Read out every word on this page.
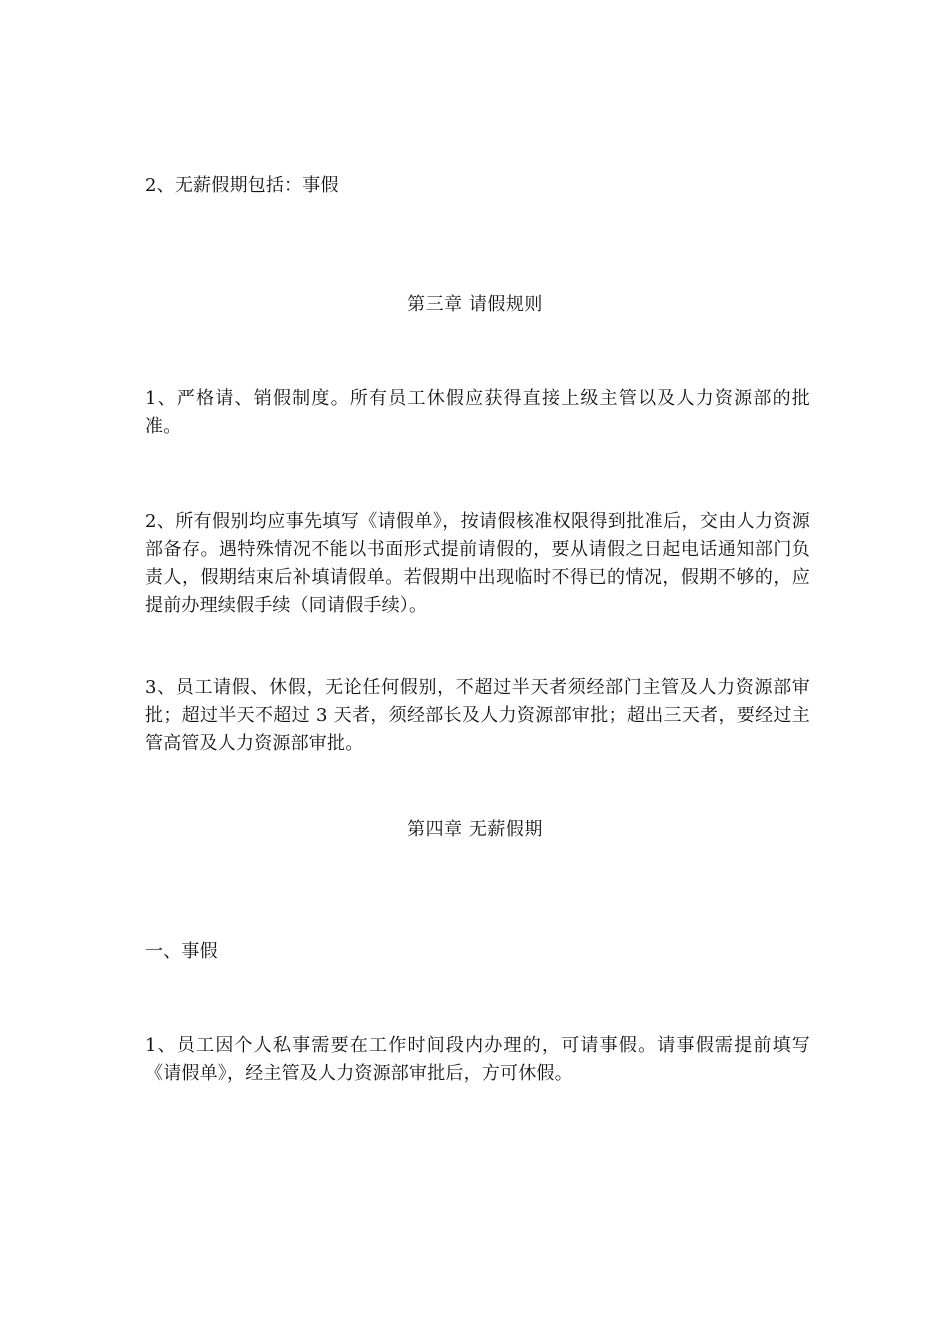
2、无薪假期包括：事假
第三章 请假规则
1、严格请、销假制度。所有员工休假应获得直接上级主管以及人力资源部的批准。
2、所有假别均应事先填写《请假单》，按请假核准权限得到批准后，交由人力资源部备存。遇特殊情况不能以书面形式提前请假的，要从请假之日起电话通知部门负责人，假期结束后补填请假单。若假期中出现临时不得已的情况，假期不够的，应提前办理续假手续（同请假手续）。
3、员工请假、休假，无论任何假别，不超过半天者须经部门主管及人力资源部审批；超过半天不超过 3 天者，须经部长及人力资源部审批；超出三天者，要经过主管高管及人力资源部审批。
第四章 无薪假期
一、事假
1、员工因个人私事需要在工作时间段内办理的，可请事假。请事假需提前填写《请假单》，经主管及人力资源部审批后，方可休假。
